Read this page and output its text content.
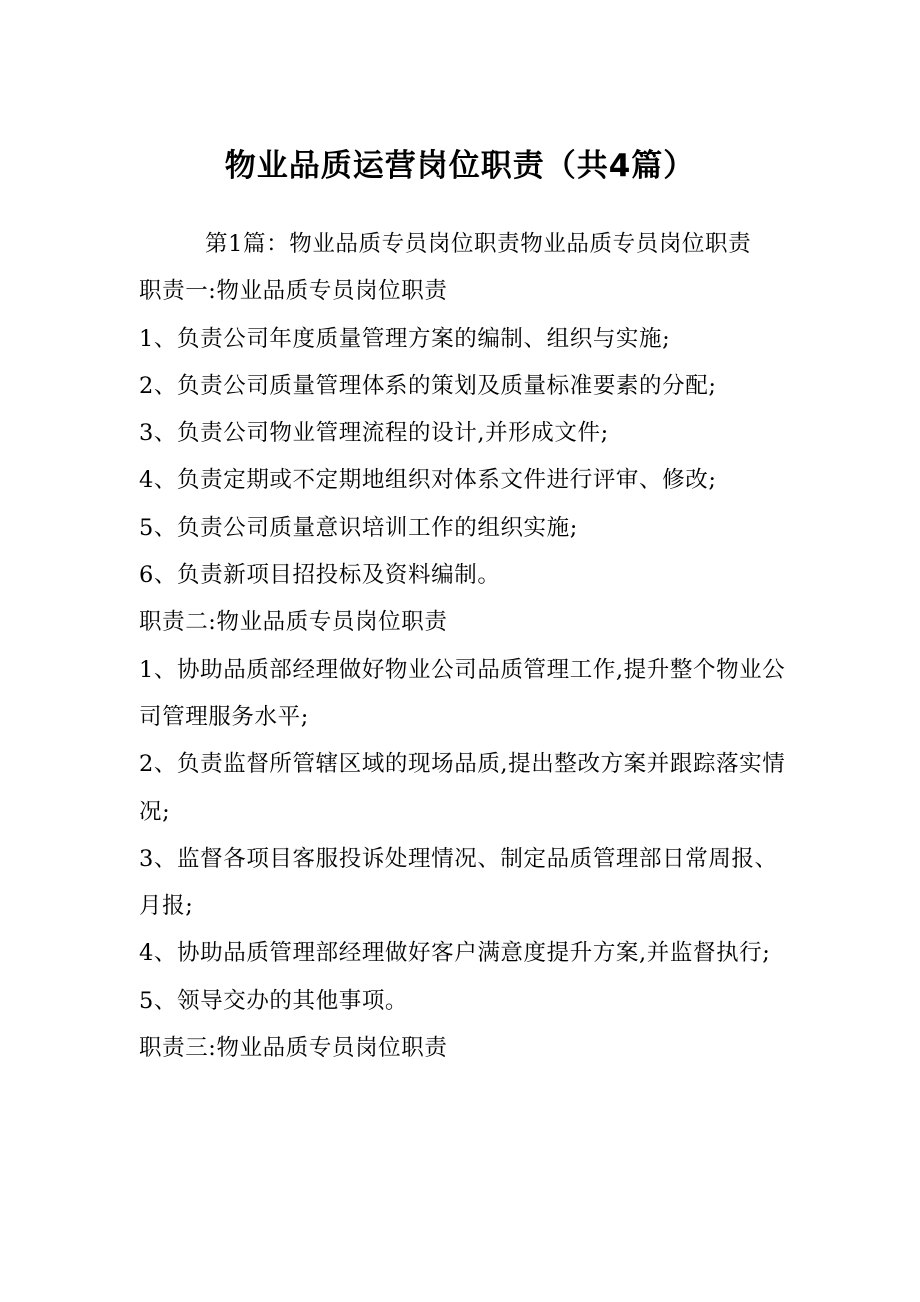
物业品质运营岗位职责（共4篇）

第1篇：物业品质专员岗位职责物业品质专员岗位职责

职责一:物业品质专员岗位职责

1、负责公司年度质量管理方案的编制、组织与实施;

2、负责公司质量管理体系的策划及质量标准要素的分配;

3、负责公司物业管理流程的设计,并形成文件;

4、负责定期或不定期地组织对体系文件进行评审、修改;

5、负责公司质量意识培训工作的组织实施;

6、负责新项目招投标及资料编制。

职责二:物业品质专员岗位职责

1、协助品质部经理做好物业公司品质管理工作,提升整个物业公司管理服务水平;

2、负责监督所管辖区域的现场品质,提出整改方案并跟踪落实情况;

3、监督各项目客服投诉处理情况、制定品质管理部日常周报、月报;

4、协助品质管理部经理做好客户满意度提升方案,并监督执行;

5、领导交办的其他事项。

职责三:物业品质专员岗位职责
